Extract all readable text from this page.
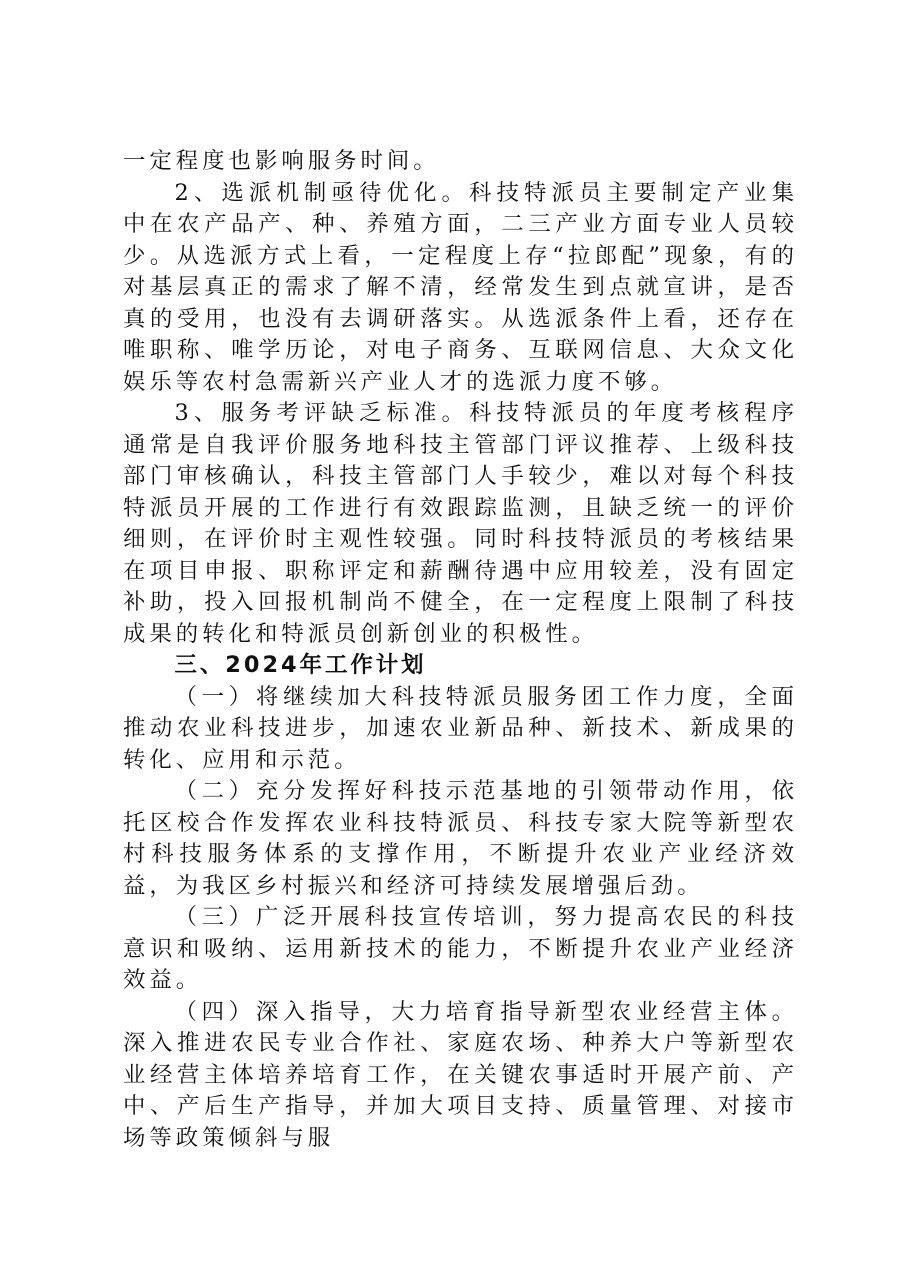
一定程度也影响服务时间。

2、选派机制亟待优化。科技特派员主要制定产业集中在农产品产、种、养殖方面，二三产业方面专业人员较少。从选派方式上看，一定程度上存“拉郎配”现象，有的对基层真正的需求了解不清，经常发生到点就宣讲，是否真的受用，也没有去调研落实。从选派条件上看，还存在唯职称、唯学历论，对电子商务、互联网信息、大众文化娱乐等农村急需新兴产业人才的选派力度不够。

3、服务考评缺乏标准。科技特派员的年度考核程序通常是自我评价服务地科技主管部门评议推荐、上级科技部门审核确认，科技主管部门人手较少，难以对每个科技特派员开展的工作进行有效跟踪监测，且缺乏统一的评价细则，在评价时主观性较强。同时科技特派员的考核结果在项目申报、职称评定和薪酬待遇中应用较差，没有固定补助，投入回报机制尚不健全，在一定程度上限制了科技成果的转化和特派员创新创业的积极性。

三、2024年工作计划

（一）将继续加大科技特派员服务团工作力度，全面推动农业科技进步，加速农业新品种、新技术、新成果的转化、应用和示范。

（二）充分发挥好科技示范基地的引领带动作用，依托区校合作发挥农业科技特派员、科技专家大院等新型农村科技服务体系的支撑作用，不断提升农业产业经济效益，为我区乡村振兴和经济可持续发展增强后劲。

（三）广泛开展科技宣传培训，努力提高农民的科技意识和吸纳、运用新技术的能力，不断提升农业产业经济效益。

（四）深入指导，大力培育指导新型农业经营主体。深入推进农民专业合作社、家庭农场、种养大户等新型农业经营主体培养培育工作，在关键农事适时开展产前、产中、产后生产指导，并加大项目支持、质量管理、对接市场等政策倾斜与服
